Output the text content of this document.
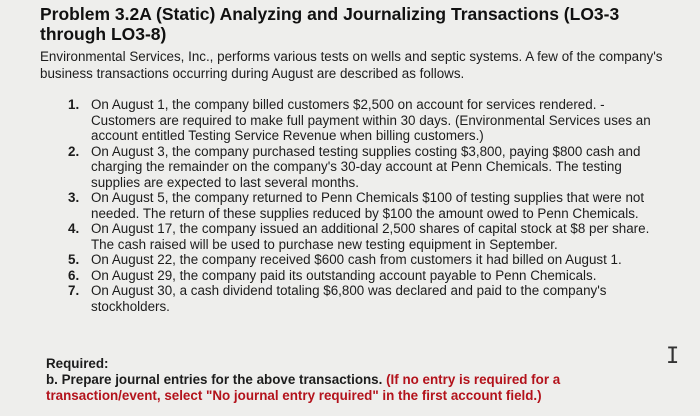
Problem 3.2A (Static) Analyzing and Journalizing Transactions (LO3-3 through LO3-8)
Environmental Services, Inc., performs various tests on wells and septic systems. A few of the company's business transactions occurring during August are described as follows.
1. On August 1, the company billed customers $2,500 on account for services rendered. - Customers are required to make full payment within 30 days. (Environmental Services uses an account entitled Testing Service Revenue when billing customers.)
2. On August 3, the company purchased testing supplies costing $3,800, paying $800 cash and charging the remainder on the company's 30-day account at Penn Chemicals. The testing supplies are expected to last several months.
3. On August 5, the company returned to Penn Chemicals $100 of testing supplies that were not needed. The return of these supplies reduced by $100 the amount owed to Penn Chemicals.
4. On August 17, the company issued an additional 2,500 shares of capital stock at $8 per share. The cash raised will be used to purchase new testing equipment in September.
5. On August 22, the company received $600 cash from customers it had billed on August 1.
6. On August 29, the company paid its outstanding account payable to Penn Chemicals.
7. On August 30, a cash dividend totaling $6,800 was declared and paid to the company's stockholders.
Required:
b. Prepare journal entries for the above transactions. (If no entry is required for a transaction/event, select "No journal entry required" in the first account field.)
I
